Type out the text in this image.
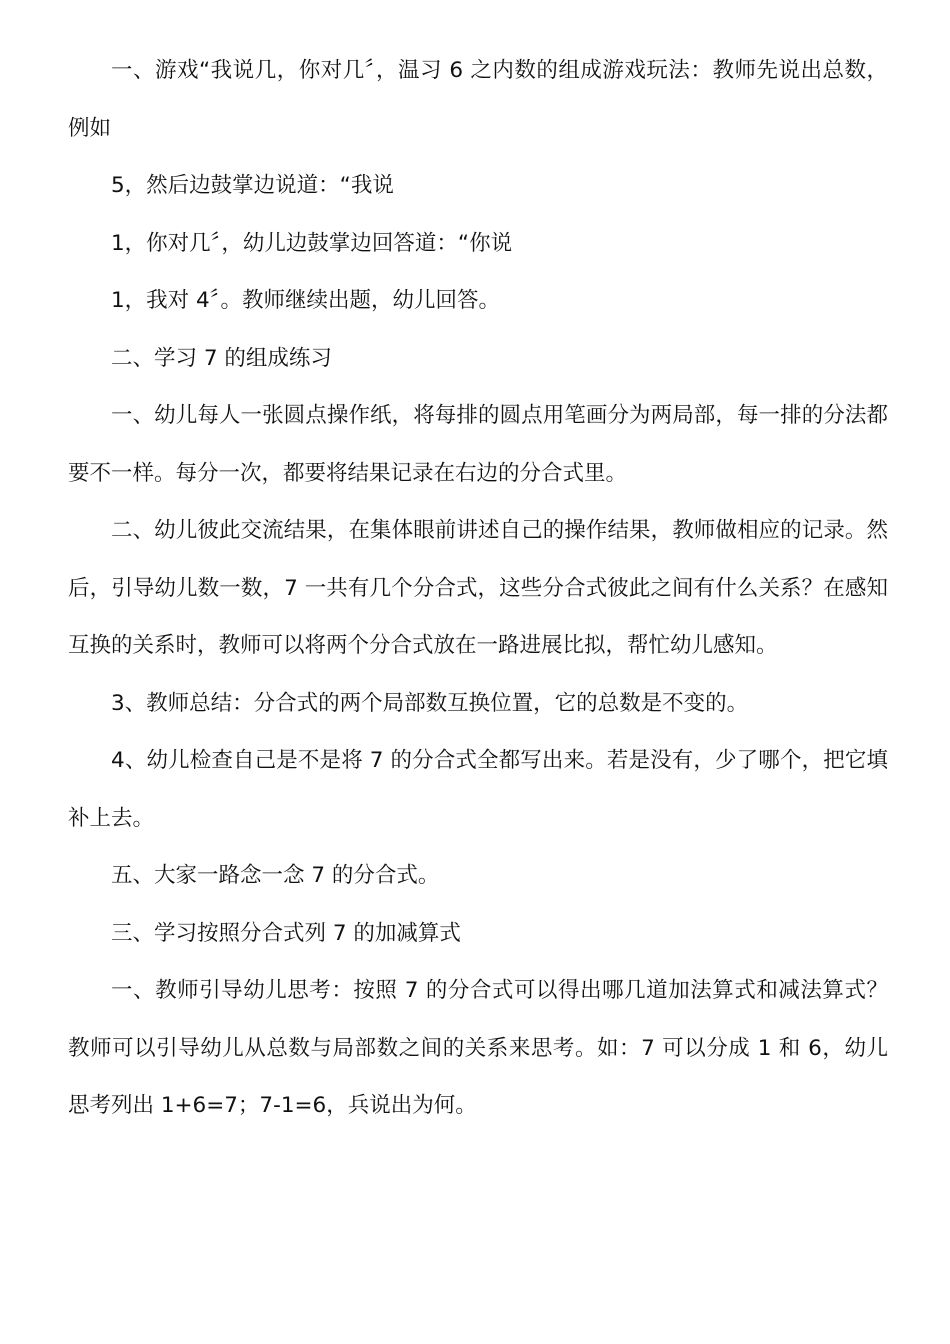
一、游戏“我说几，你对几〞，温习 6 之内数的组成游戏玩法：教师先说出总数，例如

5，然后边鼓掌边说道：“我说

1，你对几〞，幼儿边鼓掌边回答道：“你说

1，我对 4〞。教师继续出题，幼儿回答。

二、学习 7 的组成练习

一、幼儿每人一张圆点操作纸，将每排的圆点用笔画分为两局部，每一排的分法都要不一样。每分一次，都要将结果记录在右边的分合式里。

二、幼儿彼此交流结果，在集体眼前讲述自己的操作结果，教师做相应的记录。然后，引导幼儿数一数，7 一共有几个分合式，这些分合式彼此之间有什么关系？在感知互换的关系时，教师可以将两个分合式放在一路进展比拟，帮忙幼儿感知。

3、教师总结：分合式的两个局部数互换位置，它的总数是不变的。

4、幼儿检查自己是不是将 7 的分合式全都写出来。若是没有，少了哪个，把它填补上去。

五、大家一路念一念 7 的分合式。

三、学习按照分合式列 7 的加减算式

一、教师引导幼儿思考：按照 7 的分合式可以得出哪几道加法算式和减法算式？教师可以引导幼儿从总数与局部数之间的关系来思考。如：7 可以分成 1 和 6，幼儿思考列出 1+6=7；7-1=6，兵说出为何。
